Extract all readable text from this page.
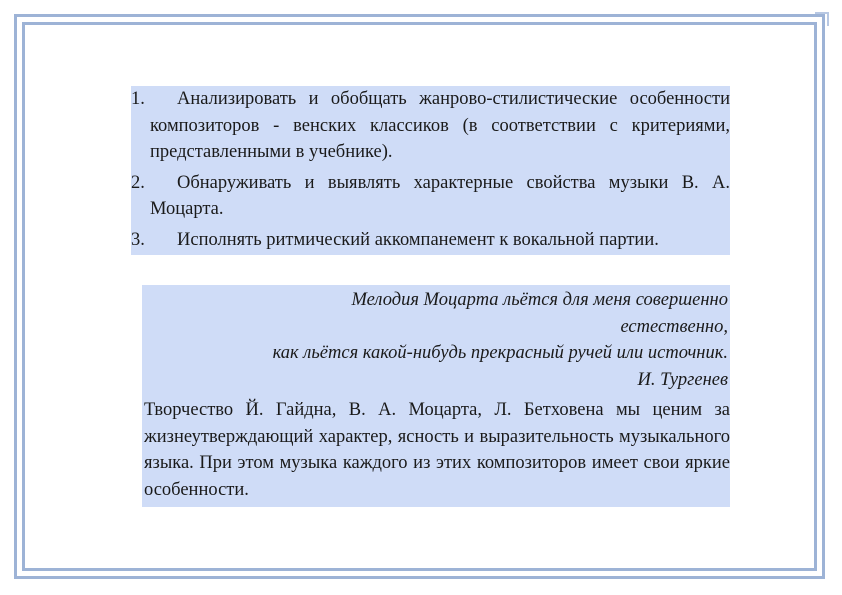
1.	Анализировать и обобщать жанрово-стилистические особенности композиторов - венских классиков (в соответствии с критериями, представленными в учебнике).
2.	Обнаруживать и выявлять характерные свойства музыки В. А. Моцарта.
3.	Исполнять ритмический аккомпанемент к вокальной партии.
Мелодия Моцарта льётся для меня совершенно
естественно,
как льётся какой-нибудь прекрасный ручей или источник.
И. Тургенев

Творчество Й. Гайдна, В. А. Моцарта, Л. Бетховена мы ценим за жизнеутверждающий характер, ясность и выразительность музыкального языка. При этом музыка каждого из этих композиторов имеет свои яркие особенности.
